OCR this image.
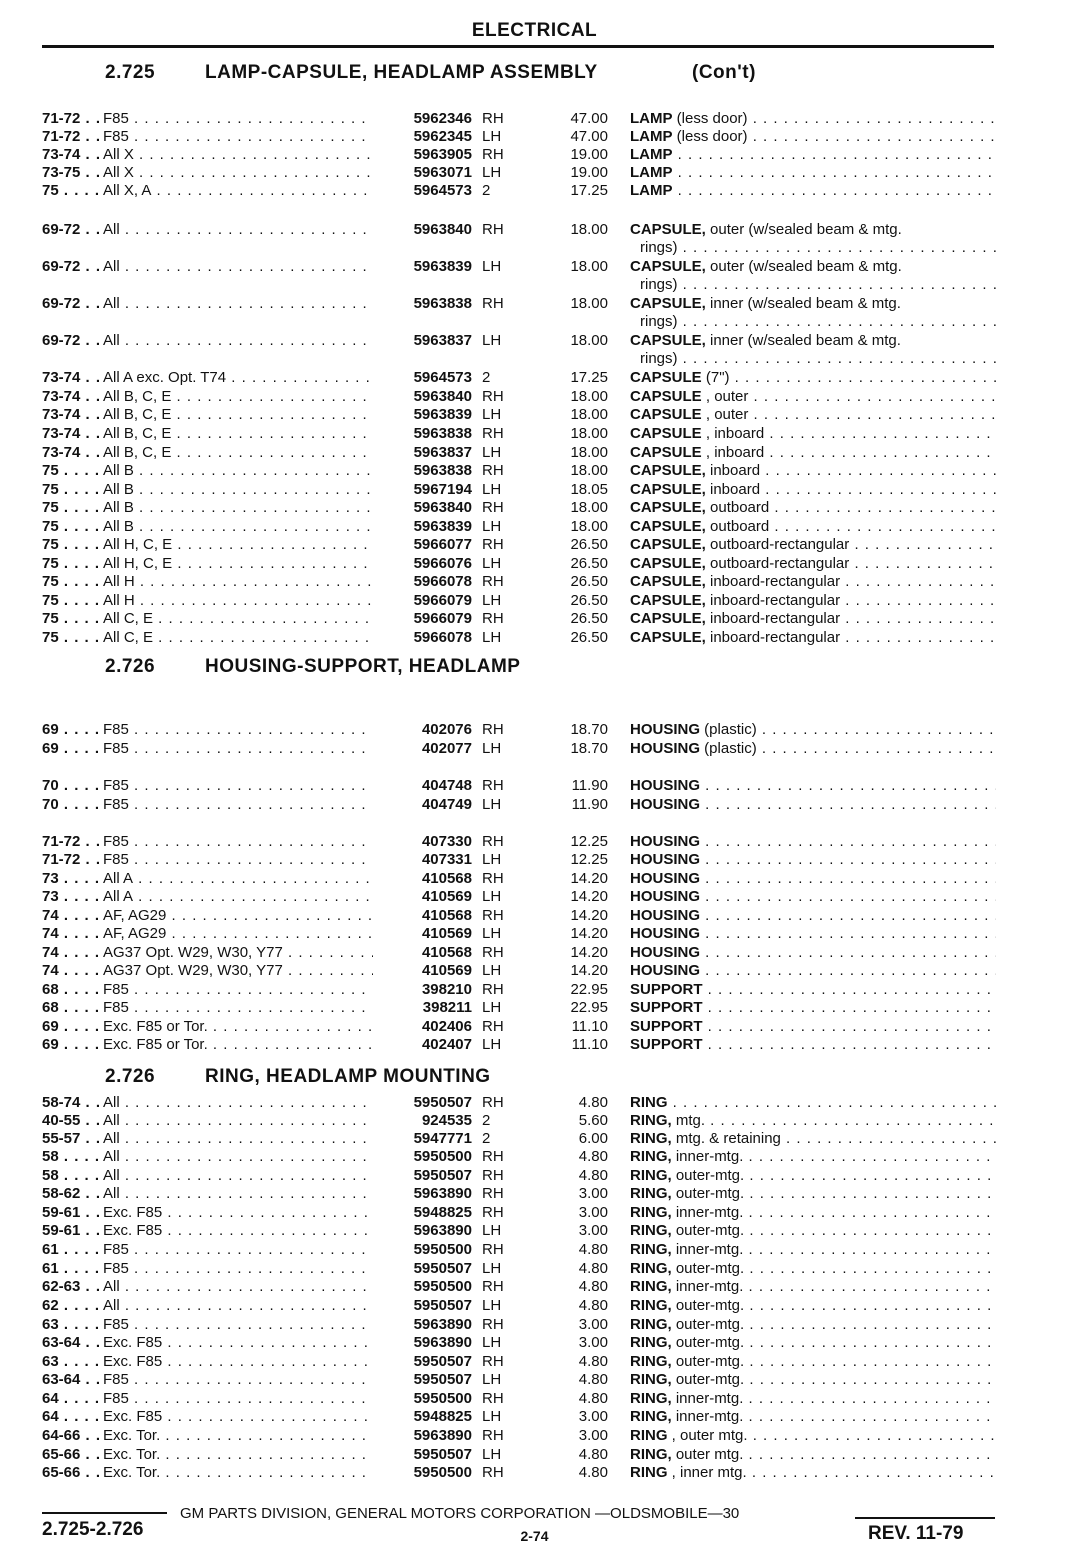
ELECTRICAL
2.725	LAMP-CAPSULE, HEADLAMP ASSEMBLY	(Con't)
71-72 . . .	F85 . . .	5962346 RH	47.00 LAMP (less door) . . .
71-72 . . .	F85 . . .	5962345 LH	47.00 LAMP (less door) . . .
73-74 . . .	All X . . .	5963905 RH	19.00 LAMP . . .
73-75 . . .	All X . . .	5963071 LH	19.00 LAMP . . .
75 . . .	All X, A . . .	5964573 2	17.25 LAMP . . .
69-72 . . .	All . . .	5963840 RH	18.00 CAPSULE, outer (w/sealed beam & mtg.
rings) . . .
69-72 . . .	All . . .	5963839 LH	18.00 CAPSULE, outer (w/sealed beam & mtg.
rings) . . .
69-72 . . .	All . . .	5963838 RH	18.00 CAPSULE, inner (w/sealed beam & mtg.
rings) . . .
69-72 . . .	All . . .	5963837 LH	18.00 CAPSULE, inner (w/sealed beam & mtg.
rings) . . .
73-74 . . .	All A exc. Opt. T74 . . .	5964573 2	17.25 CAPSULE (7") . . .
73-74 . . .	All B, C, E . . .	5963840 RH	18.00 CAPSULE , outer . . .
73-74 . . .	All B, C, E . . .	5963839 LH	18.00 CAPSULE , outer . . .
73-74 . . .	All B, C, E . . .	5963838 RH	18.00 CAPSULE , inboard . . .
73-74 . . .	All B, C, E . . .	5963837 LH	18.00 CAPSULE , inboard . . .
75 . . .	All B . . .	5963838 RH	18.00 CAPSULE, inboard . . .
75 . . .	All B . . .	5967194 LH	18.05 CAPSULE, inboard . . .
75 . . .	All B . . .	5963840 RH	18.00 CAPSULE, outboard . . .
75 . . .	All B . . .	5963839 LH	18.00 CAPSULE, outboard . . .
75 . . .	All H, C, E . . .	5966077 RH	26.50 CAPSULE, outboard-rectangular . . .
75 . . .	All H, C, E . . .	5966076 LH	26.50 CAPSULE, outboard-rectangular . . .
75 . . .	All H . . .	5966078 RH	26.50 CAPSULE, inboard-rectangular . . .
75 . . .	All H . . .	5966079 LH	26.50 CAPSULE, inboard-rectangular . . .
75 . . .	All C, E . . .	5966079 RH	26.50 CAPSULE, inboard-rectangular . . .
75 . . .	All C, E . . .	5966078 LH	26.50 CAPSULE, inboard-rectangular . . .
2.726	HOUSING-SUPPORT, HEADLAMP
69 . . .	F85 . . .	402076 RH	18.70 HOUSING (plastic) . . .
69 . . .	F85 . . .	402077 LH	18.70 HOUSING (plastic) . . .
70 . . .	F85 . . .	404748 RH	11.90 HOUSING . . .
70 . . .	F85 . . .	404749 LH	11.90 HOUSING . . .
71-72 . . .	F85 . . .	407330 RH	12.25 HOUSING . . .
71-72 . . .	F85 . . .	407331 LH	12.25 HOUSING . . .
73 . . .	All A . . .	410568 RH	14.20 HOUSING . . .
73 . . .	All A . . .	410569 LH	14.20 HOUSING . . .
74 . . .	AF, AG29 . . .	410568 RH	14.20 HOUSING . . .
74 . . .	AF, AG29 . . .	410569 LH	14.20 HOUSING . . .
74 . . .	AG37 Opt. W29, W30, Y77 . . .	410568 RH	14.20 HOUSING . . .
74 . . .	AG37 Opt. W29, W30, Y77 . . .	410569 LH	14.20 HOUSING . . .
68 . . .	F85 . . .	398210 RH	22.95 SUPPORT . . .
68 . . .	F85 . . .	398211 LH	22.95 SUPPORT . . .
69 . . .	Exc. F85 or Tor. . . .	402406 RH	11.10 SUPPORT . . .
69 . . .	Exc. F85 or Tor. . . .	402407 LH	11.10 SUPPORT . . .
2.726	RING, HEADLAMP MOUNTING
58-74 . . .	All . . .	5950507 RH	4.80 RING . . .
40-55 . . .	All . . .	924535 2	5.60 RING, mtg. . . .
55-57 . . .	All . . .	5947771 2	6.00 RING, mtg. & retaining . . .
58 . . .	All . . .	5950500 RH	4.80 RING, inner-mtg. . . .
58 . . .	All . . .	5950507 RH	4.80 RING, outer-mtg. . . .
58-62 . . .	All . . .	5963890 RH	3.00 RING, outer-mtg. . . .
59-61 . . .	Exc. F85 . . .	5948825 RH	3.00 RING, inner-mtg. . . .
59-61 . . .	Exc. F85 . . .	5963890 LH	3.00 RING, outer-mtg. . . .
61 . . .	F85 . . .	5950500 RH	4.80 RING, inner-mtg. . . .
61 . . .	F85 . . .	5950507 LH	4.80 RING, outer-mtg. . . .
62-63 . . .	All . . .	5950500 RH	4.80 RING, inner-mtg. . . .
62 . . .	All . . .	5950507 LH	4.80 RING, outer-mtg. . . .
63 . . .	F85 . . .	5963890 RH	3.00 RING, outer-mtg. . . .
63-64 . . .	Exc. F85 . . .	5963890 LH	3.00 RING, outer-mtg. . . .
63 . . .	Exc. F85 . . .	5950507 RH	4.80 RING, outer-mtg. . . .
63-64 . . .	F85 . . .	5950507 LH	4.80 RING, outer-mtg. . . .
64 . . .	F85 . . .	5950500 RH	4.80 RING, inner-mtg. . . .
64 . . .	Exc. F85 . . .	5948825 LH	3.00 RING, inner-mtg. . . .
64-66 . . .	Exc. Tor. . . .	5963890 RH	3.00 RING , outer mtg. . . .
65-66 . . .	Exc. Tor. . . .	5950507 LH	4.80 RING, outer mtg. . . .
65-66 . . .	Exc. Tor. . . .	5950500 RH	4.80 RING , inner mtg. . . .
GM PARTS DIVISION, GENERAL MOTORS CORPORATION —OLDSMOBILE—30
2.725-2.726	2-74	REV. 11-79
